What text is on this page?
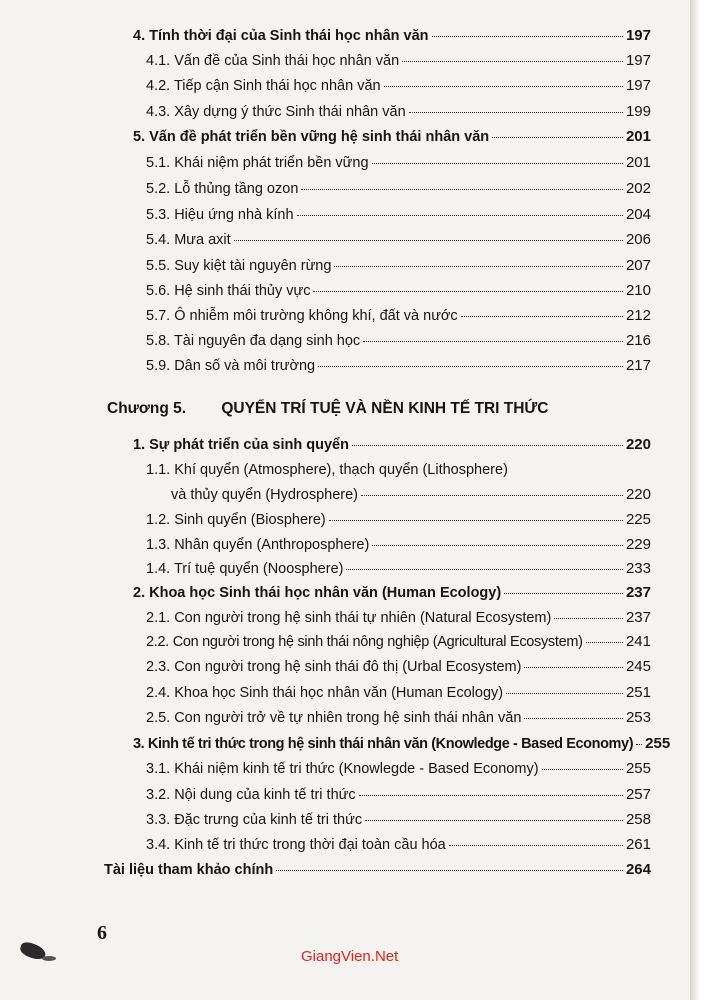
4. Tính thời đại của Sinh thái học nhân văn	197
4.1. Vấn đề của Sinh thái học nhân văn	197
4.2. Tiếp cận Sinh thái học nhân văn	197
4.3. Xây dựng ý thức Sinh thái nhân văn	199
5. Vấn đề phát triển bền vững hệ sinh thái nhân văn	201
5.1. Khái niệm phát triển bền vững	201
5.2. Lỗ thủng tầng ozon	202
5.3. Hiệu ứng nhà kính	204
5.4. Mưa axit	206
5.5. Suy kiệt tài nguyên rừng	207
5.6. Hệ sinh thái thủy vực	210
5.7. Ô nhiễm môi trường không khí, đất và nước	212
5.8. Tài nguyên đa dạng sinh học	216
5.9. Dân số và môi trường	217
Chương 5. QUYỂN TRÍ TUỆ VÀ NỀN KINH TẾ TRI THỨC
1. Sự phát triển của sinh quyển	220
1.1. Khí quyển (Atmosphere), thạch quyển (Lithosphere)
và thủy quyển (Hydrosphere)	220
1.2. Sinh quyển (Biosphere)	225
1.3. Nhân quyển (Anthroposphere)	229
1.4. Trí tuệ quyển (Noosphere)	233
2. Khoa học Sinh thái học nhân văn (Human Ecology)	237
2.1. Con người trong hệ sinh thái tự nhiên (Natural Ecosystem)	237
2.2. Con người trong hệ sinh thái nông nghiệp (Agricultural Ecosystem)	241
2.3. Con người trong hệ sinh thái đô thị (Urbal Ecosystem)	245
2.4. Khoa học Sinh thái học nhân văn (Human Ecology)	251
2.5. Con người trở về tự nhiên trong hệ sinh thái nhân văn	253
3. Kinh tế tri thức trong hệ sinh thái nhân văn (Knowledge - Based Economy) 255
3.1. Khái niệm kinh tế tri thức (Knowlegde - Based Economy)	255
3.2. Nội dung của kinh tế tri thức	257
3.3. Đặc trưng của kinh tế tri thức	258
3.4. Kinh tế tri thức trong thời đại toàn cầu hóa	261
Tài liệu tham khảo chính	264
6
GiangVien.Net
